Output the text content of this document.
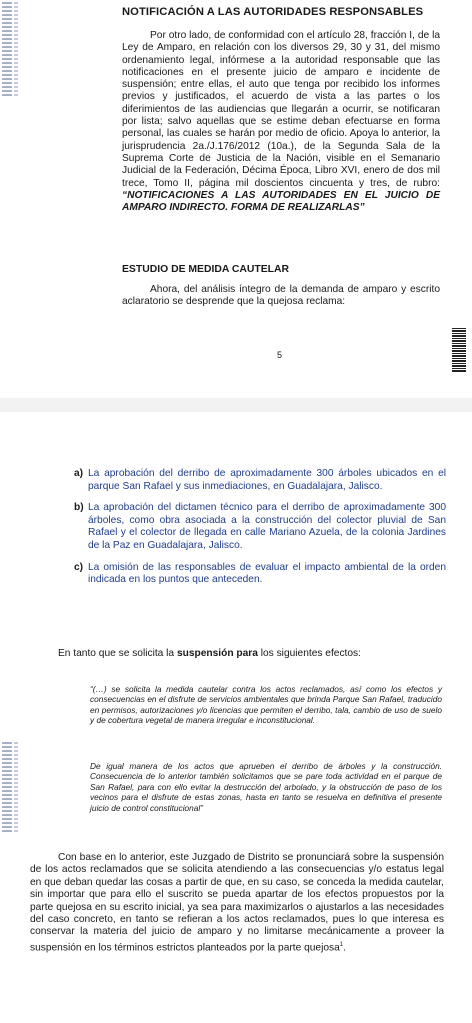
NOTIFICACIÓN A LAS AUTORIDADES RESPONSABLES
Por otro lado, de conformidad con el artículo 28, fracción I, de la Ley de Amparo, en relación con los diversos 29, 30 y 31, del mismo ordenamiento legal, infórmese a la autoridad responsable que las notificaciones en el presente juicio de amparo e incidente de suspensión; entre ellas, el auto que tenga por recibido los informes previos y justificados, el acuerdo de vista a las partes o los diferimientos de las audiencias que llegarán a ocurrir, se notificaran por lista; salvo aquellas que se estime deban efectuarse en forma personal, las cuales se harán por medio de oficio. Apoya lo anterior, la jurisprudencia 2a./J.176/2012 (10a.), de la Segunda Sala de la Suprema Corte de Justicia de la Nación, visible en el Semanario Judicial de la Federación, Décima Época, Libro XVI, enero de dos mil trece, Tomo II, página mil doscientos cincuenta y tres, de rubro: “NOTIFICACIONES A LAS AUTORIDADES EN EL JUICIO DE AMPARO INDIRECTO. FORMA DE REALIZARLAS”
ESTUDIO DE MEDIDA CAUTELAR
Ahora, del análisis íntegro de la demanda de amparo y escrito aclaratorio se desprende que la quejosa reclama:
5
a) La aprobación del derribo de aproximadamente 300 árboles ubicados en el parque San Rafael y sus inmediaciones, en Guadalajara, Jalisco.
b) La aprobación del dictamen técnico para el derribo de aproximadamente 300 árboles, como obra asociada a la construcción del colector pluvial de San Rafael y el colector de llegada en calle Mariano Azuela, de la colonia Jardines de la Paz en Guadalajara, Jalisco.
c) La omisión de las responsables de evaluar el impacto ambiental de la orden indicada en los puntos que anteceden.
En tanto que se solicita la suspensión para los siguientes efectos:
“(…) se solicita la medida cautelar contra los actos reclamados, así como los efectos y consecuencias en el disfrute de servicios ambientales que brinda Parque San Rafael, traducido en permisos, autorizaciones y/o licencias que permiten el derribo, tala, cambio de uso de suelo y de cobertura vegetal de manera irregular e inconstitucional.
De igual manera de los actos que aprueben el derribo de árboles y la construcción. Consecuencia de lo anterior también solicitamos que se pare toda actividad en el parque de San Rafael, para con ello evitar la destrucción del arbolado, y la obstrucción de paso de los vecinos para el disfrute de estas zonas, hasta en tanto se resuelva en definitiva el presente juicio de control constitucional”
Con base en lo anterior, este Juzgado de Distrito se pronunciará sobre la suspensión de los actos reclamados que se solicita atendiendo a las consecuencias y/o estatus legal en que deban quedar las cosas a partir de que, en su caso, se conceda la medida cautelar, sin importar que para ello el suscrito se pueda apartar de los efectos propuestos por la parte quejosa en su escrito inicial, ya sea para maximizarlos o ajustarlos a las necesidades del caso concreto, en tanto se refieran a los actos reclamados, pues lo que interesa es conservar la materia del juicio de amparo y no limitarse mecánicamente a proveer la suspensión en los términos estrictos planteados por la parte quejosa$^1$.
